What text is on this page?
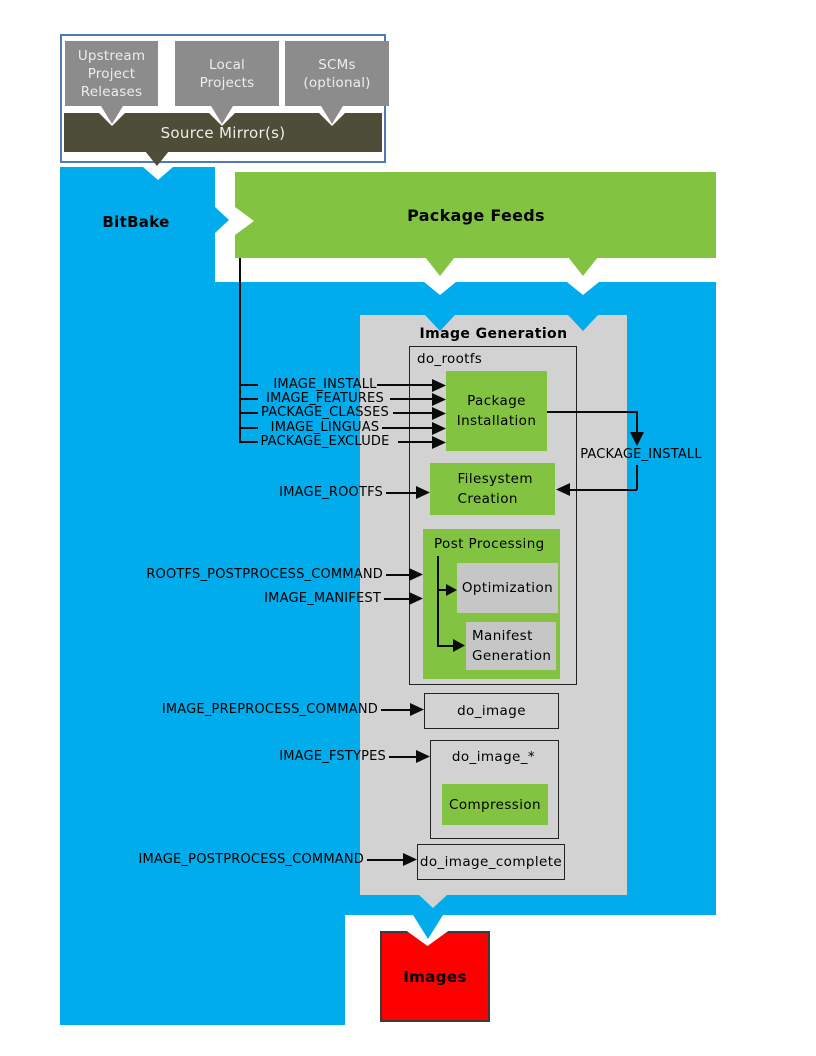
Upstream Project Releases
Local Projects
SCMs (optional)
Source Mirror(s)
Package Feeds
BitBake
Image Generation
do_rootfs
Package Installation
IMAGE_INSTALL
IMAGE_FEATURES
PACKAGE_CLASSES
IMAGE_LINGUAS
PACKAGE_EXCLUDE
PACKAGE_INSTALL
Filesystem Creation
IMAGE_ROOTFS
Post Processing
Optimization
Manifest Generation
ROOTFS_POSTPROCESS_COMMAND
IMAGE_MANIFEST
do_image
IMAGE_PREPROCESS_COMMAND
do_image_*
Compression
IMAGE_FSTYPES
do_image_complete
IMAGE_POSTPROCESS_COMMAND
Images
